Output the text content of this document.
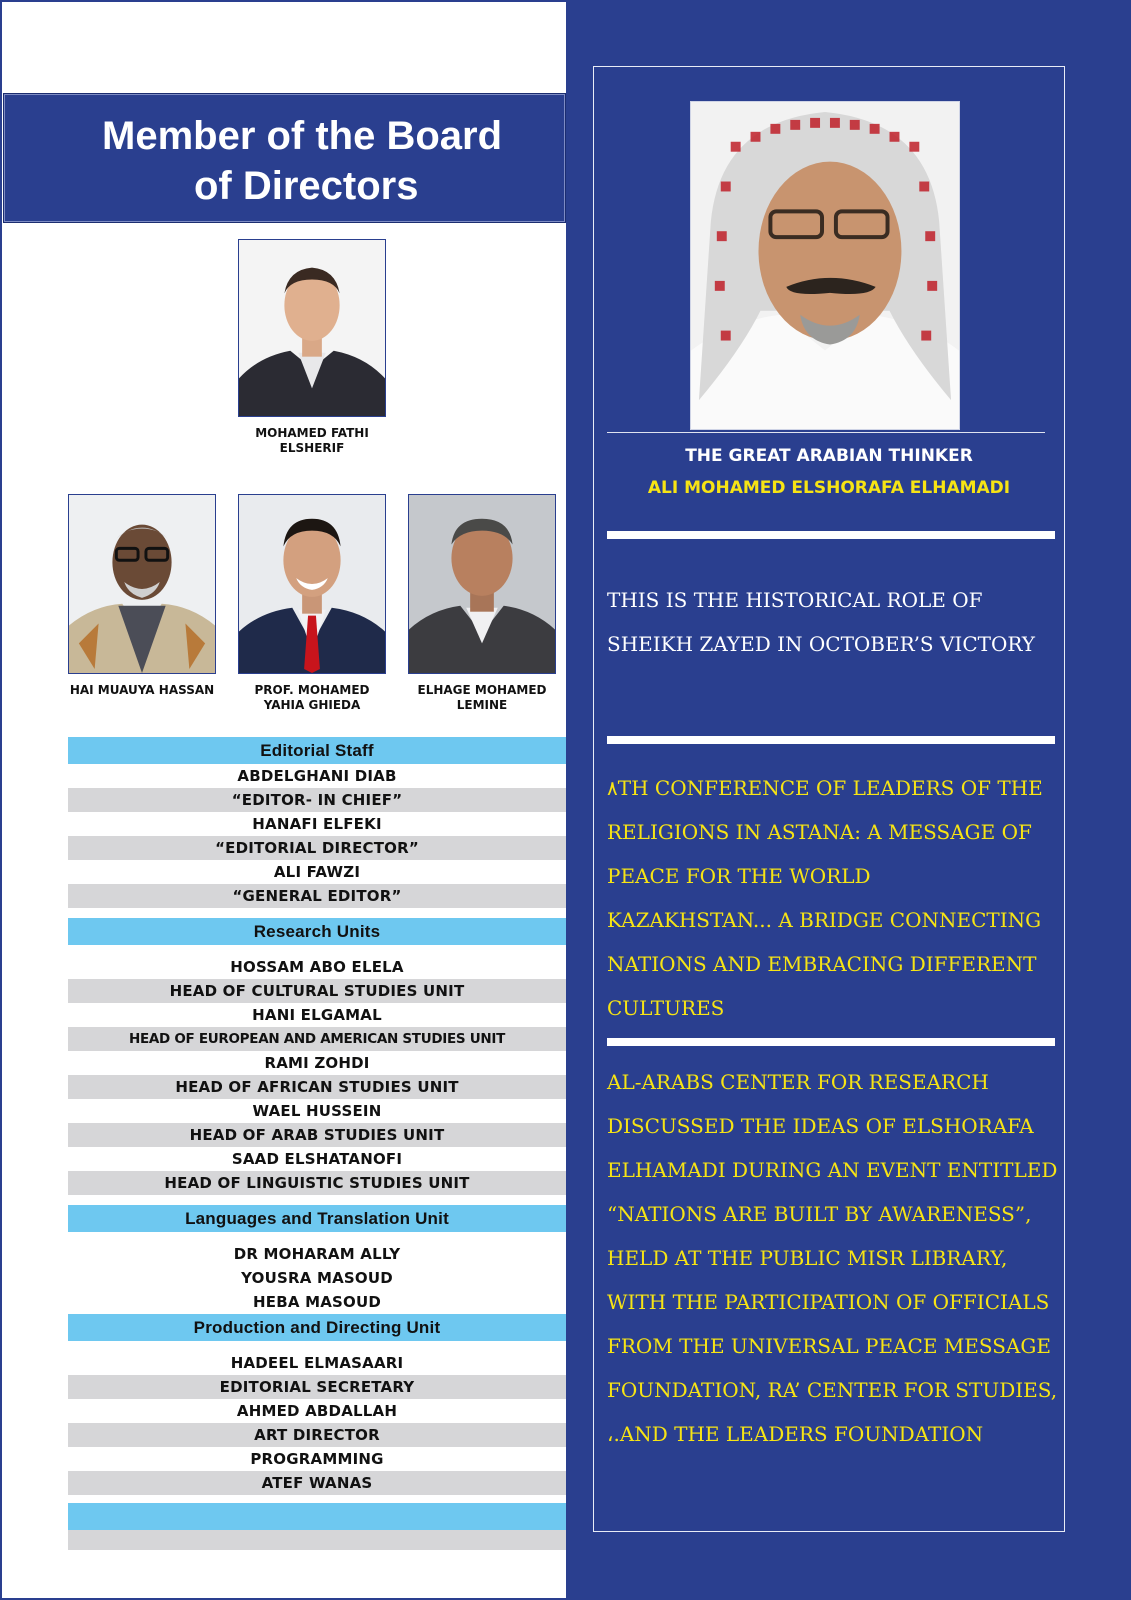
Member of the Board
of Directors
MOHAMED FATHI
ELSHERIF
HAI MUAUYA HASSAN	PROF. MOHAMED
YAHIA GHIEDA
ELHAGE MOHAMED
LEMINE
Editorial Staff
ABDELGHANI DIAB
“EDITOR- IN CHIEF”
HANAFI ELFEKI
“EDITORIAL DIRECTOR”
ALI FAWZI
“GENERAL EDITOR”
Research Units
HOSSAM ABO ELELA
HEAD OF CULTURAL STUDIES UNIT
HANI ELGAMAL
HEAD OF EUROPEAN AND AMERICAN STUDIES UNIT
RAMI ZOHDI
HEAD OF AFRICAN STUDIES UNIT
WAEL HUSSEIN
HEAD OF ARAB STUDIES UNIT
SAAD ELSHATANOFI
HEAD OF LINGUISTIC STUDIES UNIT
Languages and Translation Unit
DR MOHARAM ALLY
YOUSRA MASOUD
HEBA MASOUD
Production and Directing Unit
HADEEL ELMASAARI
EDITORIAL SECRETARY
AHMED ABDALLAH
ART DIRECTOR
PROGRAMMING
ATEF WANAS
THE GREAT ARABIAN THINKER
ALI MOHAMED ELSHORAFA ELHAMADI
THIS IS THE HISTORICAL ROLE OF
SHEIKH ZAYED IN OCTOBER’S VICTORY
٨TH CONFERENCE OF LEADERS OF THE
RELIGIONS IN ASTANA: A MESSAGE OF
PEACE FOR THE WORLD
KAZAKHSTAN... A BRIDGE CONNECTING
NATIONS AND EMBRACING DIFFERENT
CULTURES
AL-ARABS CENTER FOR RESEARCH
DISCUSSED THE IDEAS OF ELSHORAFA
ELHAMADI DURING AN EVENT ENTITLED
“NATIONS ARE BUILT BY AWARENESS”,
HELD AT THE PUBLIC MISR LIBRARY,
WITH THE PARTICIPATION OF OFFICIALS
FROM THE UNIVERSAL PEACE MESSAGE
FOUNDATION, RA’ CENTER FOR STUDIES,
،.AND THE LEADERS FOUNDATION
